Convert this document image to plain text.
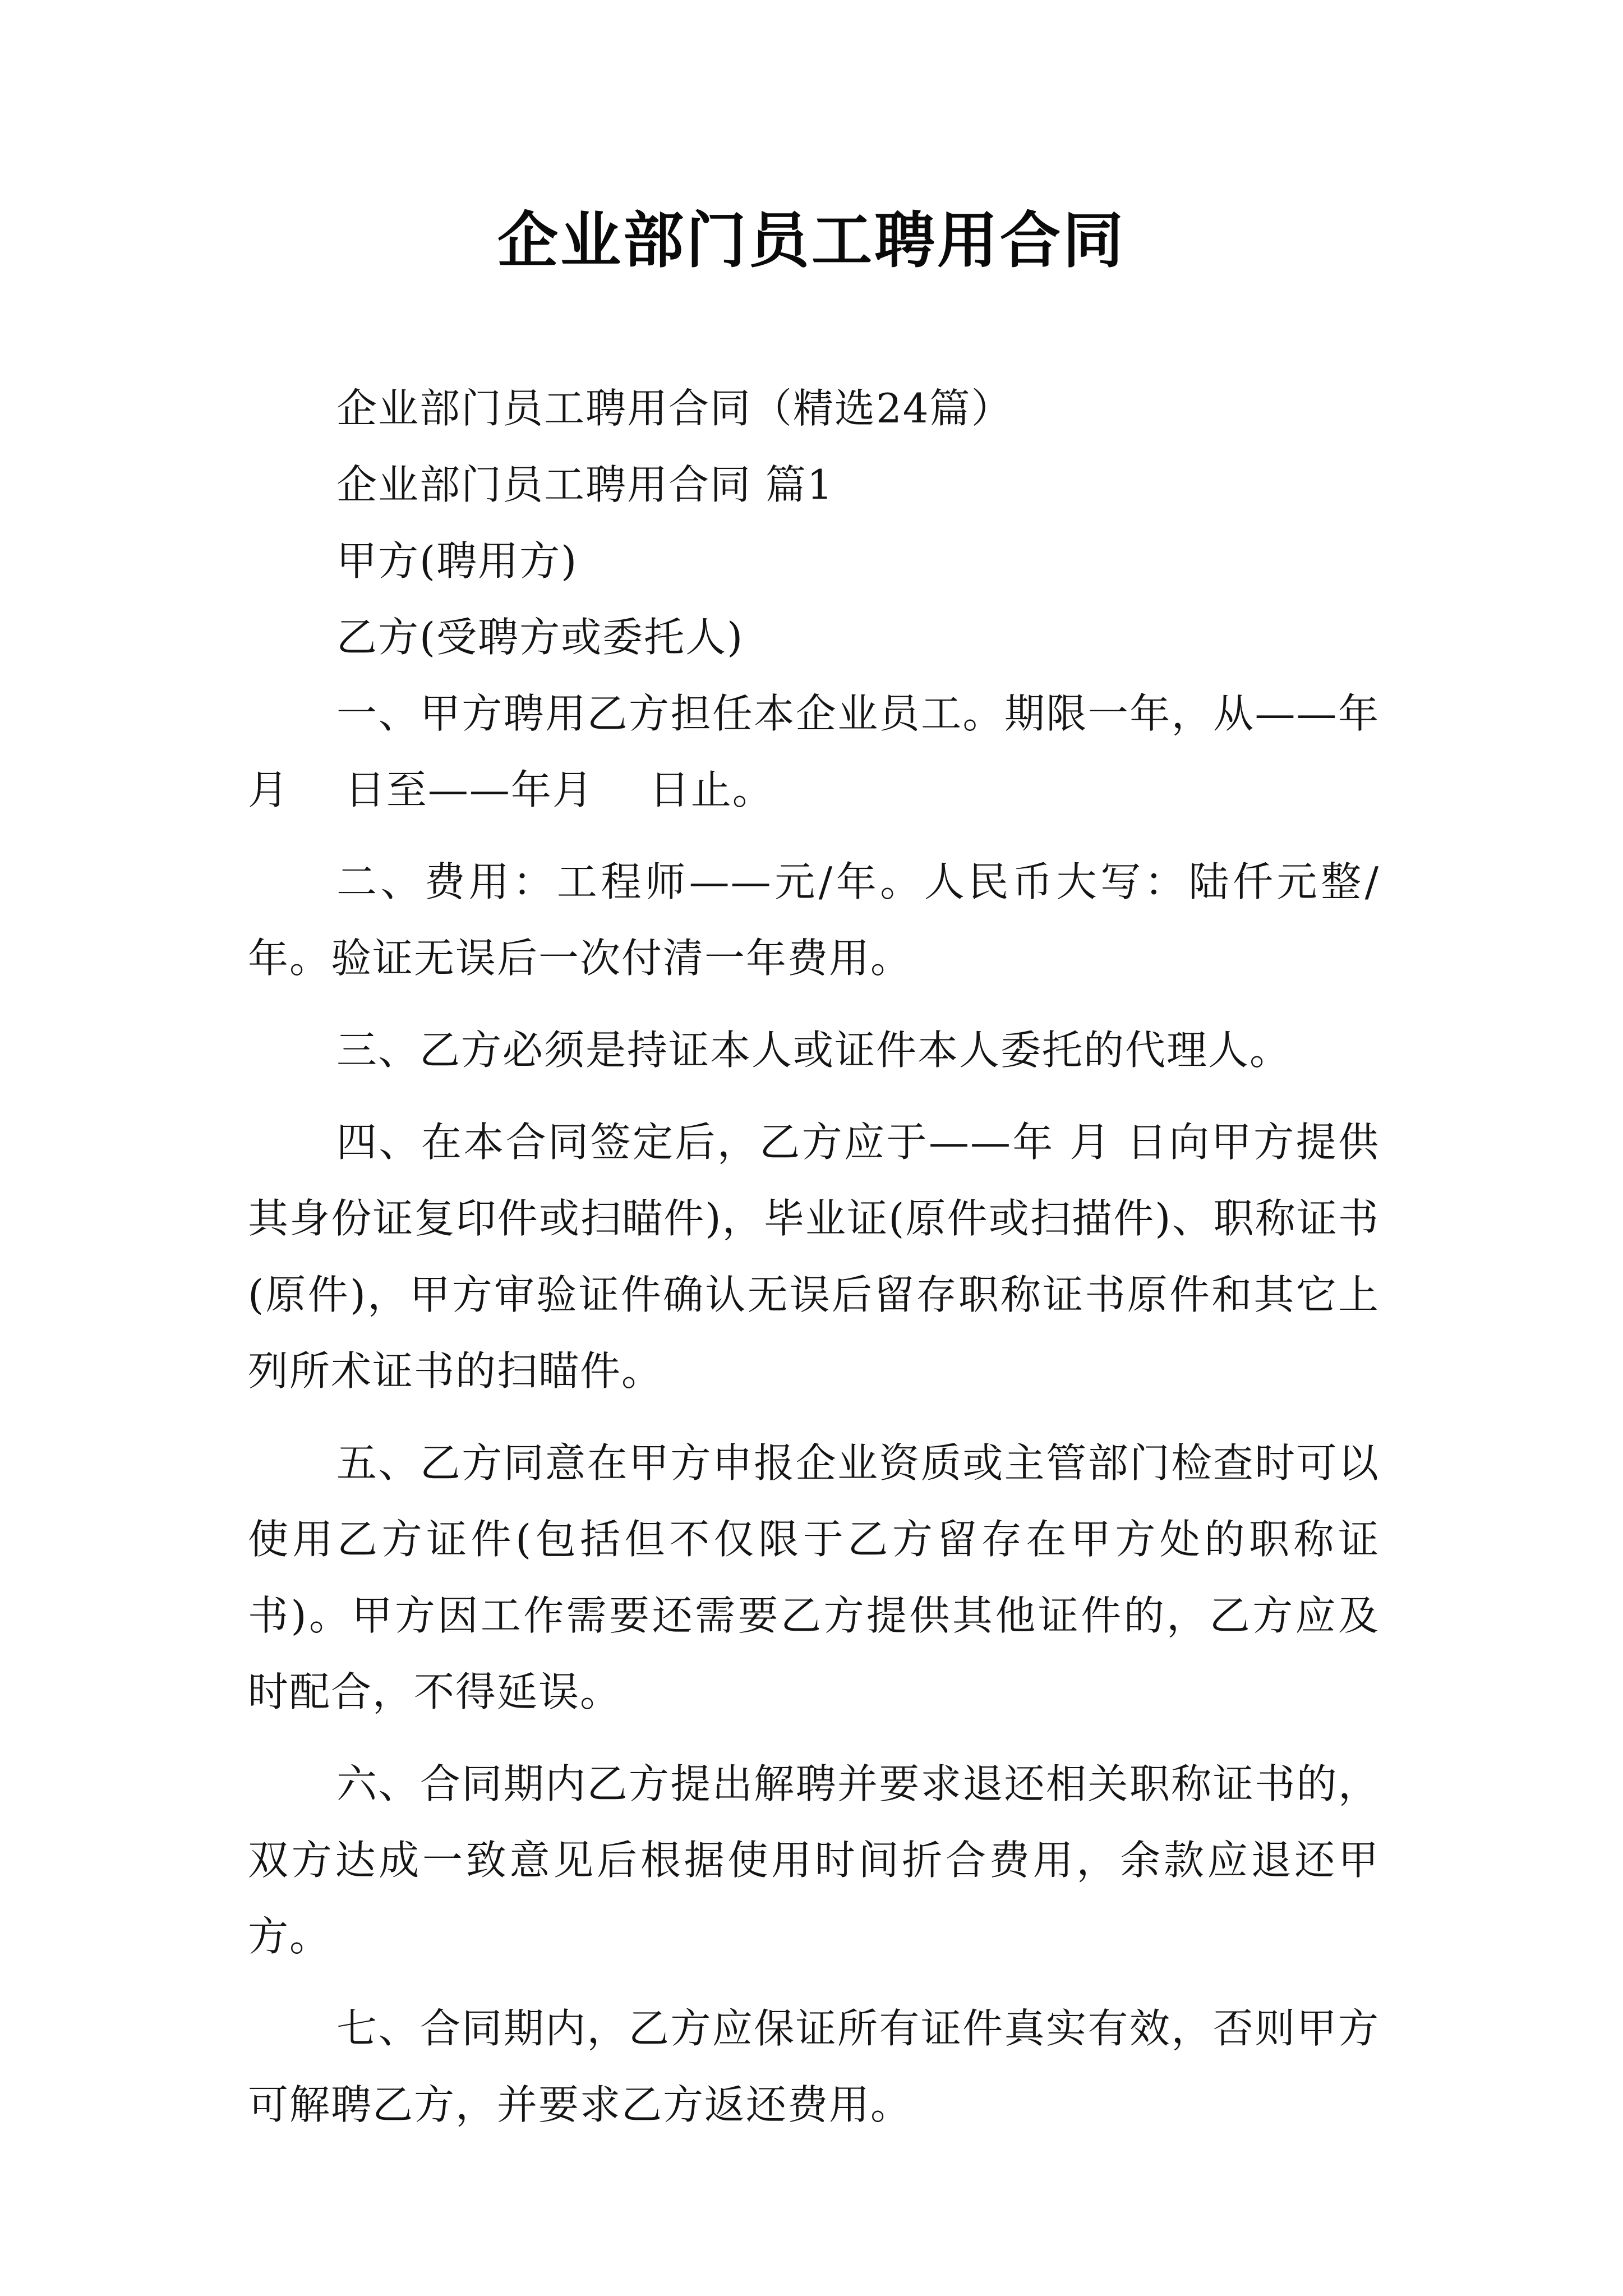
企业部门员工聘用合同

企业部门员工聘用合同（精选24篇）

企业部门员工聘用合同 篇1

甲方(聘用方)

乙方(受聘方或委托人)

一、甲方聘用乙方担任本企业员工。期限一年，从——年月　 日至——年月　 日止。

二、费用：工程师——元/年。人民币大写：陆仟元整/年。验证无误后一次付清一年费用。

三、乙方必须是持证本人或证件本人委托的代理人。

四、在本合同签定后，乙方应于——年 月 日向甲方提供其身份证复印件或扫瞄件)，毕业证(原件或扫描件)、职称证书(原件)，甲方审验证件确认无误后留存职称证书原件和其它上列所术证书的扫瞄件。

五、乙方同意在甲方申报企业资质或主管部门检查时可以使用乙方证件(包括但不仅限于乙方留存在甲方处的职称证书)。甲方因工作需要还需要乙方提供其他证件的，乙方应及时配合，不得延误。

六、合同期内乙方提出解聘并要求退还相关职称证书的，双方达成一致意见后根据使用时间折合费用，余款应退还甲方。

七、合同期内，乙方应保证所有证件真实有效，否则甲方可解聘乙方，并要求乙方返还费用。
